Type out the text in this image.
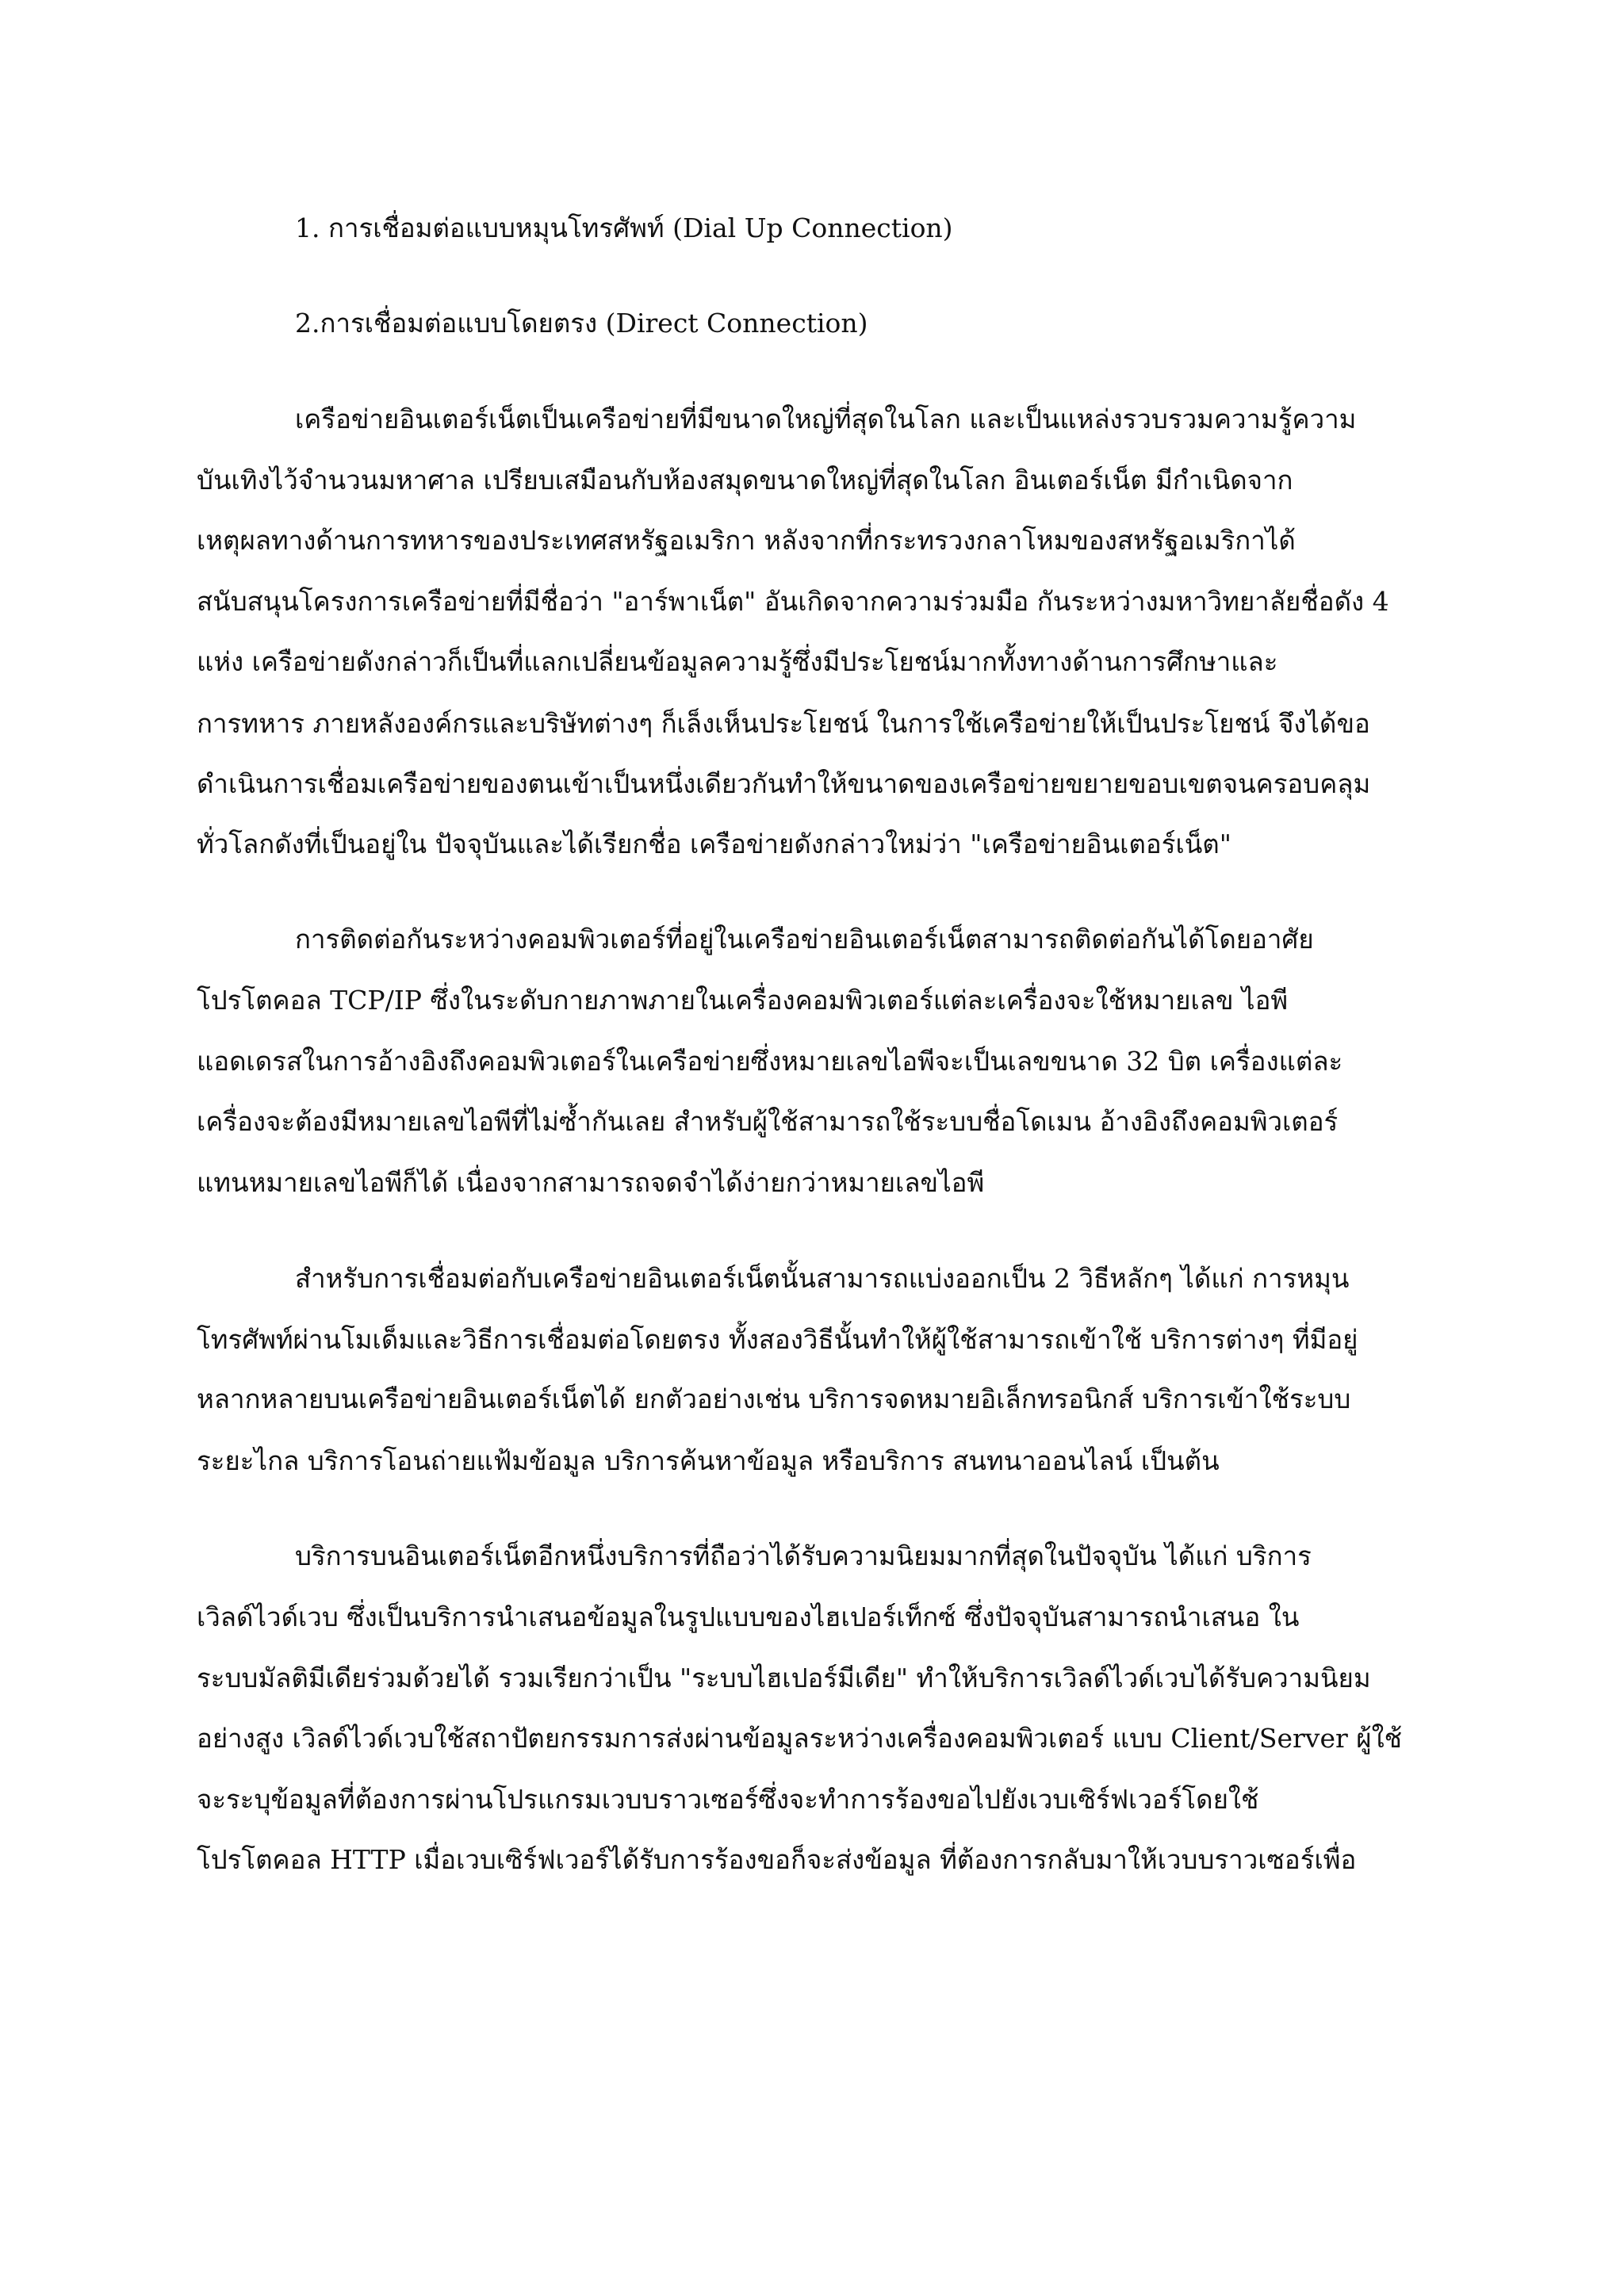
1. การเชื่อมต่อแบบหมุนโทรศัพท์ (Dial Up Connection)

2.การเชื่อมต่อแบบโดยตรง (Direct Connection)

เครือข่ายอินเตอร์เน็ตเป็นเครือข่ายที่มีขนาดใหญ่ที่สุดในโลก และเป็นแหล่งรวบรวมความรู้ความ

บันเทิงไว้จำนวนมหาศาล เปรียบเสมือนกับห้องสมุดขนาดใหญ่ที่สุดในโลก อินเตอร์เน็ต มีกำเนิดจาก

เหตุผลทางด้านการทหารของประเทศสหรัฐอเมริกา หลังจากที่กระทรวงกลาโหมของสหรัฐอเมริกาได้

สนับสนุนโครงการเครือข่ายที่มีชื่อว่า "อาร์พาเน็ต" อันเกิดจากความร่วมมือ กันระหว่างมหาวิทยาลัยชื่อดัง 4

แห่ง เครือข่ายดังกล่าวก็เป็นที่แลกเปลี่ยนข้อมูลความรู้ซึ่งมีประโยชน์มากทั้งทางด้านการศึกษาและ

การทหาร ภายหลังองค์กรและบริษัทต่างๆ ก็เล็งเห็นประโยชน์ ในการใช้เครือข่ายให้เป็นประโยชน์ จึงได้ขอ

ดำเนินการเชื่อมเครือข่ายของตนเข้าเป็นหนึ่งเดียวกันทำให้ขนาดของเครือข่ายขยายขอบเขตจนครอบคลุม

ทั่วโลกดังที่เป็นอยู่ใน ปัจจุบันและได้เรียกชื่อ เครือข่ายดังกล่าวใหม่ว่า "เครือข่ายอินเตอร์เน็ต"

การติดต่อกันระหว่างคอมพิวเตอร์ที่อยู่ในเครือข่ายอินเตอร์เน็ตสามารถติดต่อกันได้โดยอาศัย

โปรโตคอล TCP/IP ซึ่งในระดับกายภาพภายในเครื่องคอมพิวเตอร์แต่ละเครื่องจะใช้หมายเลข ไอพี

แอดเดรสในการอ้างอิงถึงคอมพิวเตอร์ในเครือข่ายซึ่งหมายเลขไอพีจะเป็นเลขขนาด 32 บิต เครื่องแต่ละ

เครื่องจะต้องมีหมายเลขไอพีที่ไม่ซ้ำกันเลย สำหรับผู้ใช้สามารถใช้ระบบชื่อโดเมน อ้างอิงถึงคอมพิวเตอร์

แทนหมายเลขไอพีก็ได้ เนื่องจากสามารถจดจำได้ง่ายกว่าหมายเลขไอพี

สำหรับการเชื่อมต่อกับเครือข่ายอินเตอร์เน็ตนั้นสามารถแบ่งออกเป็น 2 วิธีหลักๆ ได้แก่ การหมุน

โทรศัพท์ผ่านโมเด็มและวิธีการเชื่อมต่อโดยตรง ทั้งสองวิธีนั้นทำให้ผู้ใช้สามารถเข้าใช้ บริการต่างๆ ที่มีอยู่

หลากหลายบนเครือข่ายอินเตอร์เน็ตได้ ยกตัวอย่างเช่น บริการจดหมายอิเล็กทรอนิกส์ บริการเข้าใช้ระบบ

ระยะไกล บริการโอนถ่ายแฟ้มข้อมูล บริการค้นหาข้อมูล หรือบริการ สนทนาออนไลน์ เป็นต้น

บริการบนอินเตอร์เน็ตอีกหนึ่งบริการที่ถือว่าได้รับความนิยมมากที่สุดในปัจจุบัน ได้แก่ บริการ

เวิลด์ไวด์เวบ ซึ่งเป็นบริการนำเสนอข้อมูลในรูปแบบของไฮเปอร์เท็กซ์ ซึ่งปัจจุบันสามารถนำเสนอ ใน

ระบบมัลติมีเดียร่วมด้วยได้ รวมเรียกว่าเป็น "ระบบไฮเปอร์มีเดีย" ทำให้บริการเวิลด์ไวด์เวบได้รับความนิยม

อย่างสูง เวิลด์ไวด์เวบใช้สถาปัตยกรรมการส่งผ่านข้อมูลระหว่างเครื่องคอมพิวเตอร์ แบบ Client/Server ผู้ใช้

จะระบุข้อมูลที่ต้องการผ่านโปรแกรมเวบบราวเซอร์ซึ่งจะทำการร้องขอไปยังเวบเซิร์ฟเวอร์โดยใช้

โปรโตคอล HTTP เมื่อเวบเซิร์ฟเวอร์ได้รับการร้องขอก็จะส่งข้อมูล ที่ต้องการกลับมาให้เวบบราวเซอร์เพื่อ
